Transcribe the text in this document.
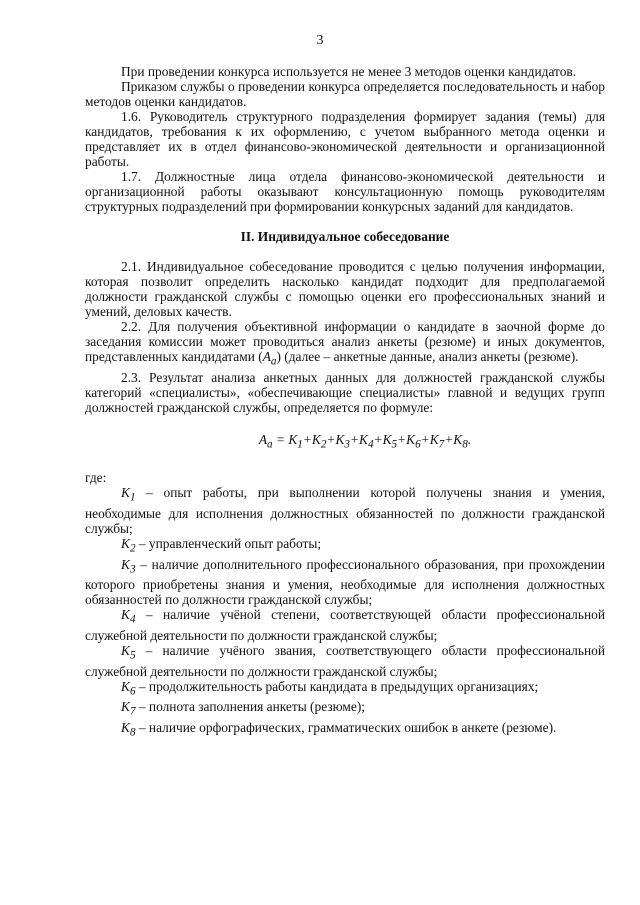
3

При проведении конкурса используется не менее 3 методов оценки кандидатов.

Приказом службы о проведении конкурса определяется последовательность и набор методов оценки кандидатов.

1.6. Руководитель структурного подразделения формирует задания (темы) для кандидатов, требования к их оформлению, с учетом выбранного метода оценки и представляет их в отдел финансово-экономической деятельности и организационной работы.

1.7. Должностные лица отдела финансово-экономической деятельности и организационной работы оказывают консультационную помощь руководителям структурных подразделений при формировании конкурсных заданий для кандидатов.

II. Индивидуальное собеседование

2.1. Индивидуальное собеседование проводится с целью получения информации, которая позволит определить насколько кандидат подходит для предполагаемой должности гражданской службы с помощью оценки его профессиональных знаний и умений, деловых качеств.

2.2. Для получения объективной информации о кандидате в заочной форме до заседания комиссии может проводиться анализ анкеты (резюме) и иных документов, представленных кандидатами $(А_а)$ (далее – анкетные данные, анализ анкеты (резюме).

2.3. Результат анализа анкетных данных для должностей гражданской службы категорий «специалисты», «обеспечивающие специалисты» главной и ведущих групп должностей гражданской службы, определяется по формуле:

$A_a = K_1+K_2+K_3+K_4+K_5+K_6+K_7+K_8$.

где:

$K_1$ – опыт работы, при выполнении которой получены знания и умения, необходимые для исполнения должностных обязанностей по должности гражданской службы;

$K_2$ – управленческий опыт работы;

$K_3$ – наличие дополнительного профессионального образования, при прохождении которого приобретены знания и умения, необходимые для исполнения должностных обязанностей по должности гражданской службы;

$K_4$ – наличие учёной степени, соответствующей области профессиональной служебной деятельности по должности гражданской службы;

$K_5$ – наличие учёного звания, соответствующего области профессиональной служебной деятельности по должности гражданской службы;

$K_6$ – продолжительность работы кандидата в предыдущих организациях;

$K_7$ – полнота заполнения анкеты (резюме);

$K_8$ – наличие орфографических, грамматических ошибок в анкете (резюме).
